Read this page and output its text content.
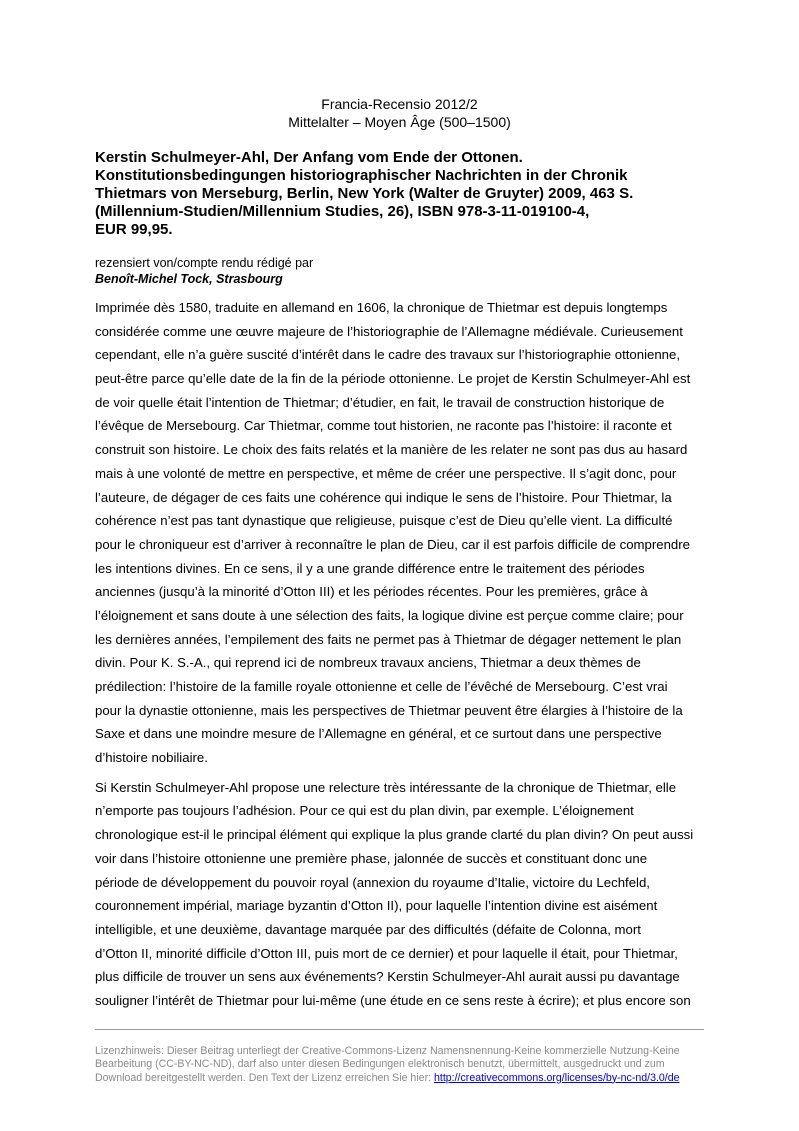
Francia-Recensio 2012/2
Mittelalter – Moyen Âge (500–1500)
Kerstin Schulmeyer-Ahl, Der Anfang vom Ende der Ottonen.
Konstitutionsbedingungen historiographischer Nachrichten in der Chronik
Thietmars von Merseburg, Berlin, New York (Walter de Gruyter) 2009, 463 S.
(Millennium-Studien/Millennium Studies, 26), ISBN 978-3-11-019100-4,
EUR 99,95.
rezensiert von/compte rendu rédigé par
Benoît-Michel Tock, Strasbourg
Imprimée dès 1580, traduite en allemand en 1606, la chronique de Thietmar est depuis longtemps
considérée comme une œuvre majeure de l’historiographie de l’Allemagne médiévale. Curieusement
cependant, elle n’a guère suscité d’intérêt dans le cadre des travaux sur l’historiographie ottonienne,
peut-être parce qu’elle date de la fin de la période ottonienne. Le projet de Kerstin Schulmeyer-Ahl est
de voir quelle était l’intention de Thietmar; d’étudier, en fait, le travail de construction historique de
l’évêque de Mersebourg. Car Thietmar, comme tout historien, ne raconte pas l’histoire: il raconte et
construit son histoire. Le choix des faits relatés et la manière de les relater ne sont pas dus au hasard
mais à une volonté de mettre en perspective, et même de créer une perspective. Il s’agit donc, pour
l’auteure, de dégager de ces faits une cohérence qui indique le sens de l’histoire. Pour Thietmar, la
cohérence n’est pas tant dynastique que religieuse, puisque c’est de Dieu qu’elle vient. La difficulté
pour le chroniqueur est d’arriver à reconnaître le plan de Dieu, car il est parfois difficile de comprendre
les intentions divines. En ce sens, il y a une grande différence entre le traitement des périodes
anciennes (jusqu’à la minorité d’Otton III) et les périodes récentes. Pour les premières, grâce à
l’éloignement et sans doute à une sélection des faits, la logique divine est perçue comme claire; pour
les dernières années, l’empilement des faits ne permet pas à Thietmar de dégager nettement le plan
divin. Pour K. S.-A., qui reprend ici de nombreux travaux anciens, Thietmar a deux thèmes de
prédilection: l’histoire de la famille royale ottonienne et celle de l’évêché de Mersebourg. C’est vrai
pour la dynastie ottonienne, mais les perspectives de Thietmar peuvent être élargies à l’histoire de la
Saxe et dans une moindre mesure de l’Allemagne en général, et ce surtout dans une perspective
d’histoire nobiliaire.
Si Kerstin Schulmeyer-Ahl propose une relecture très intéressante de la chronique de Thietmar, elle
n’emporte pas toujours l’adhésion. Pour ce qui est du plan divin, par exemple. L’éloignement
chronologique est-il le principal élément qui explique la plus grande clarté du plan divin? On peut aussi
voir dans l’histoire ottonienne une première phase, jalonnée de succès et constituant donc une
période de développement du pouvoir royal (annexion du royaume d’Italie, victoire du Lechfeld,
couronnement impérial, mariage byzantin d’Otton II), pour laquelle l’intention divine est aisément
intelligible, et une deuxième, davantage marquée par des difficultés (défaite de Colonna, mort
d’Otton II, minorité difficile d’Otton III, puis mort de ce dernier) et pour laquelle il était, pour Thietmar,
plus difficile de trouver un sens aux événements? Kerstin Schulmeyer-Ahl aurait aussi pu davantage
souligner l’intérêt de Thietmar pour lui-même (une étude en ce sens reste à écrire); et plus encore son
Lizenzhinweis: Dieser Beitrag unterliegt der Creative-Commons-Lizenz Namensnennung-Keine kommerzielle Nutzung-Keine
Bearbeitung (CC-BY-NC-ND), darf also unter diesen Bedingungen elektronisch benutzt, übermittelt, ausgedruckt und zum
Download bereitgestellt werden. Den Text der Lizenz erreichen Sie hier: http://creativecommons.org/licenses/by-nc-nd/3.0/de
